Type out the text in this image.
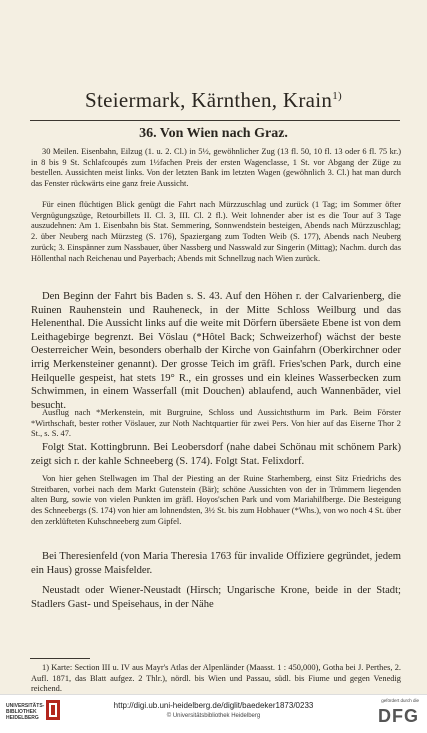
Steiermark, Kärnthen, Krain$^{1)}$
36. Von Wien nach Graz.

30 Meilen. Eisenbahn, Eilzug (1. u. 2. Cl.) in 5½, gewöhnlicher Zug (13 fl. 50, 10 fl. 13 oder 6 fl. 75 kr.) in 8 bis 9 St. Schlafcoupés zum 1½fachen Preis der ersten Wagenclasse, 1 St. vor Abgang der Züge zu bestellen. Aussichten meist links. Von der letzten Bank im letzten Wagen (gewöhnlich 3. Cl.) hat man durch das Fenster rückwärts eine ganz freie Aussicht.

Für einen flüchtigen Blick genügt die Fahrt nach Mürzzuschlag und zurück (1 Tag; im Sommer öfter Vergnügungszüge, Retourbillets II. Cl. 3, III. Cl. 2 fl.). Weit lohnender aber ist es die Tour auf 3 Tage auszudehnen: Am 1. Eisenbahn bis Stat. Semmering, Sonnwendstein besteigen, Abends nach Mürzzuschlag; 2. über Neuberg nach Mürzsteg (S. 176), Spaziergang zum Todten Weib (S. 177), Abends nach Neuberg zurück; 3. Einspänner zum Nassbauer, über Nassberg und Nasswald zur Singerin (Mittag); Nachm. durch das Höllenthal nach Reichenau und Payerbach; Abends mit Schnellzug nach Wien zurück.

Den Beginn der Fahrt bis Baden s. S. 43. Auf den Höhen r. der Calvarienberg, die Ruinen Rauhenstein und Rauheneck, in der Mitte Schloss Weilburg und das Helenenthal. Die Aussicht links auf die weite mit Dörfern übersäete Ebene ist von dem Leithagebirge begrenzt. Bei Vöslau (*Hôtel Back; Schweizerhof) wächst der beste Oesterreicher Wein, besonders oberhalb der Kirche von Gainfahrn (Oberkirchner oder irrig Merkensteiner genannt). Der grosse Teich im gräfl. Fries'schen Park, durch eine Heilquelle gespeist, hat stets 19° R., ein grosses und ein kleines Wasserbecken zum Schwimmen, in einem Wasserfall (mit Douchen) ablaufend, auch Wannenbäder, viel besucht.

Ausflug nach *Merkenstein, mit Burgruine, Schloss und Aussichtsthurm im Park. Beim Förster *Wirthschaft, bester rother Vöslauer, zur Noth Nachtquartier für zwei Pers. Von hier auf das Eiserne Thor 2 St., s. S. 47.

Folgt Stat. Kottingbrunn. Bei Leobersdorf (nahe dabei Schönau mit schönem Park) zeigt sich r. der kahle Schneeberg (S. 174). Folgt Stat. Felixdorf.

Von hier gehen Stellwagen im Thal der Piesting an der Ruine Starhemberg, einst Sitz Friedrichs des Streitbaren, vorbei nach dem Markt Gutenstein (Bär); schöne Aussichten von der in Trümmern liegenden alten Burg, sowie von vielen Punkten im gräfl. Hoyos'schen Park und vom Mariahilfberge. Die Besteigung des Schneebergs (S. 174) von hier am lohnendsten, 3½ St. bis zum Hobhauer (*Whs.), von wo noch 4 St. über den zerklüfteten Kuhschneeberg zum Gipfel.

Bei Theresienfeld (von Maria Theresia 1763 für invalide Offiziere gegründet, jedem ein Haus) grosse Maisfelder.

Neustadt oder Wiener-Neustadt (Hirsch; Ungarische Krone, beide in der Stadt; Stadlers Gast- und Speisehaus, in der Nähe

1) Karte: Section III u. IV aus Mayr's Atlas der Alpenländer (Maasst. 1 : 450,000), Gotha bei J. Perthes, 2. Aufl. 1871, das Blatt aufgez. 2 Thlr.), nördl. bis Wien und Passau, südl. bis Fiume und gegen Venedig reichend.

UNIVERSITÄTS-
BIBLIOTHEK
HEIDELBERG
http://digi.ub.uni-heidelberg.de/diglit/baedeker1873/0233
© Universitätsbibliothek Heidelberg
gefördert durch die
DFG
